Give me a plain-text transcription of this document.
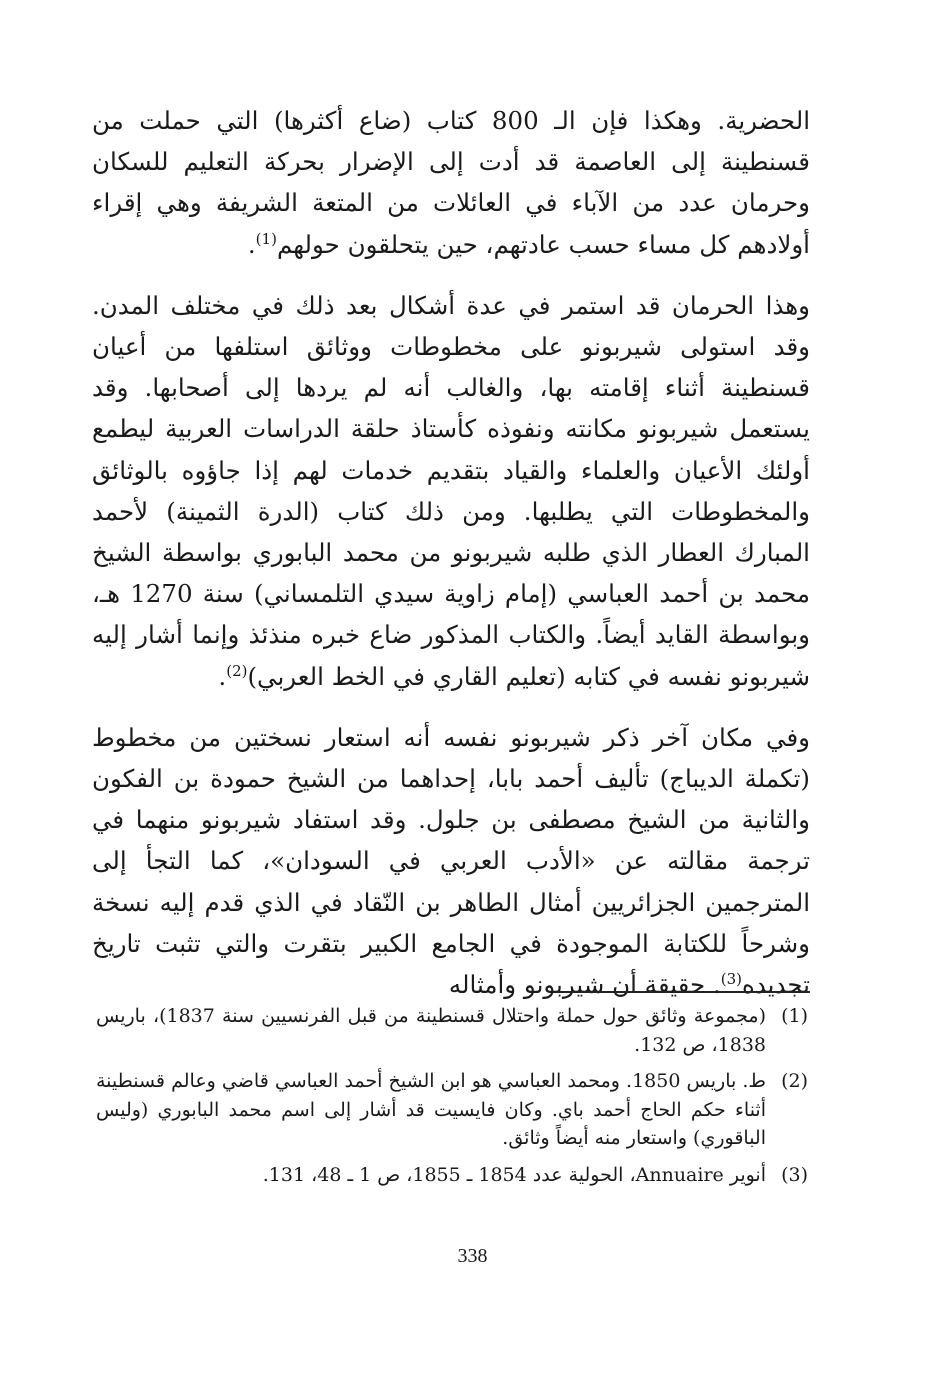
الحضرية. وهكذا فإن الـ 800 كتاب (ضاع أكثرها) التي حملت من قسنطينة إلى العاصمة قد أدت إلى الإضرار بحركة التعليم للسكان وحرمان عدد من الآباء في العائلات من المتعة الشريفة وهي إقراء أولادهم كل مساء حسب عادتهم، حين يتحلقون حولهم$^{(1)}$.

وهذا الحرمان قد استمر في عدة أشكال بعد ذلك في مختلف المدن. وقد استولى شيربونو على مخطوطات ووثائق استلفها من أعيان قسنطينة أثناء إقامته بها، والغالب أنه لم يردها إلى أصحابها. وقد يستعمل شيربونو مكانته ونفوذه كأستاذ حلقة الدراسات العربية ليطمع أولئك الأعيان والعلماء والقياد بتقديم خدمات لهم إذا جاؤوه بالوثائق والمخطوطات التي يطلبها. ومن ذلك كتاب (الدرة الثمينة) لأحمد المبارك العطار الذي طلبه شيربونو من محمد البابوري بواسطة الشيخ محمد بن أحمد العباسي (إمام زاوية سيدي التلمساني) سنة 1270 هـ، وبواسطة القايد أيضاً. والكتاب المذكور ضاع خبره منذئذ وإنما أشار إليه شيربونو نفسه في كتابه (تعليم القاري في الخط العربي)$^{(2)}$.

وفي مكان آخر ذكر شيربونو نفسه أنه استعار نسختين من مخطوط (تكملة الديباج) تأليف أحمد بابا، إحداهما من الشيخ حمودة بن الفكون والثانية من الشيخ مصطفى بن جلول. وقد استفاد شيربونو منهما في ترجمة مقالته عن «الأدب العربي في السودان»، كما التجأ إلى المترجمين الجزائريين أمثال الطاهر بن النّقاد في الذي قدم إليه نسخة وشرحاً للكتابة الموجودة في الجامع الكبير بتقرت والتي تثبت تاريخ تجديده$^{(3)}$. حقيقة أن شيربونو وأمثاله

(1)
(مجموعة وثائق حول حملة واحتلال قسنطينة من قبل الفرنسيين سنة 1837)، باريس 1838، ص 132.
(2)
ط. باريس 1850. ومحمد العباسي هو ابن الشيخ أحمد العباسي قاضي وعالم قسنطينة أثناء حكم الحاج أحمد باي. وكان فايسيت قد أشار إلى اسم محمد البابوري (وليس الباقوري) واستعار منه أيضاً وثائق.
(3)
أنوير Annuaire، الحولية عدد 1854 ـ 1855، ص 1 ـ 48، 131.
338
